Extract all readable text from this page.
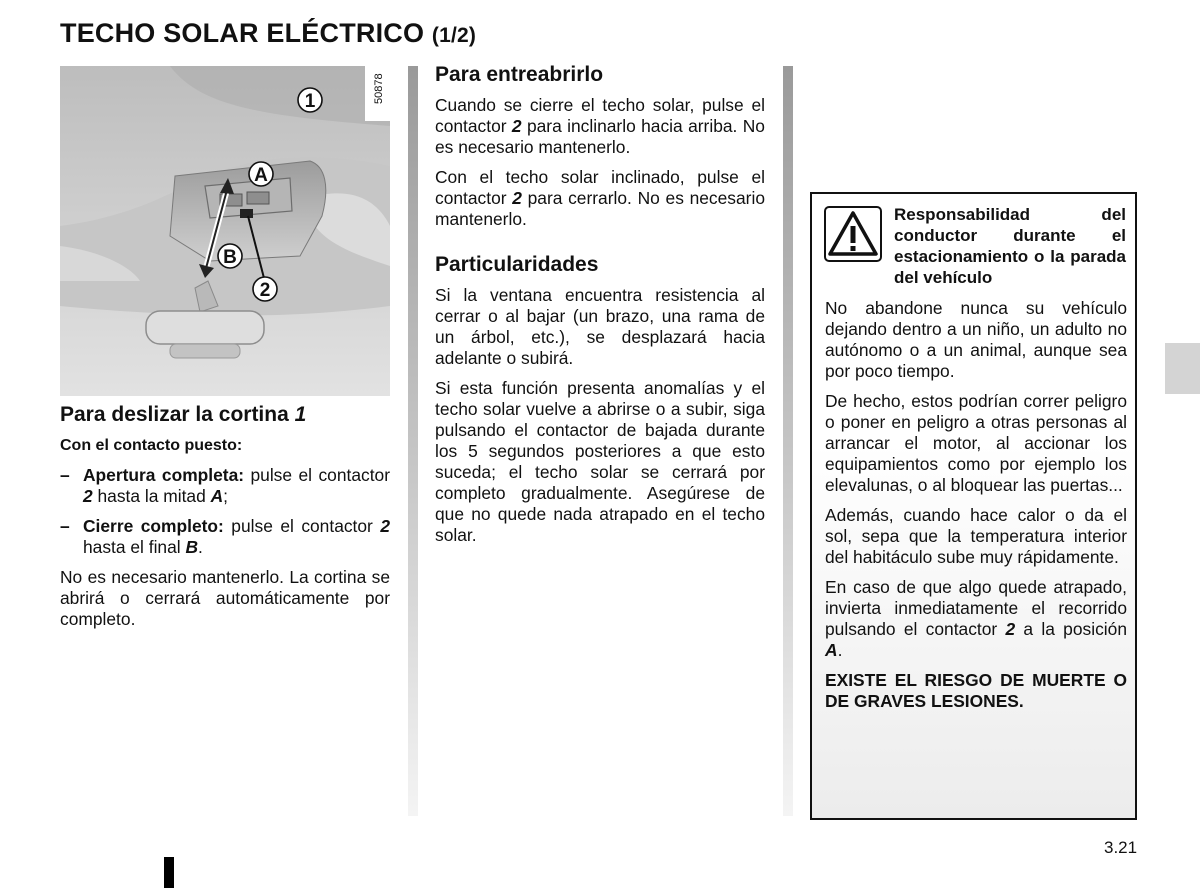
TECHO SOLAR ELÉCTRICO (1/2)
1
A
B
2
50878
Para deslizar la cortina 1

Con el contacto puesto:

– Apertura completa: pulse el contactor 2 hasta la mitad A;
– Cierre completo: pulse el contactor 2 hasta el final B.

No es necesario mantenerlo. La cortina se abrirá o cerrará automáticamente por completo.

Para entreabrirlo

Cuando se cierre el techo solar, pulse el contactor 2 para inclinarlo hacia arriba. No es necesario mantenerlo.

Con el techo solar inclinado, pulse el contactor 2 para cerrarlo. No es necesario mantenerlo.

Particularidades

Si la ventana encuentra resistencia al cerrar o al bajar (un brazo, una rama de un árbol, etc.), se desplazará hacia adelante o subirá.

Si esta función presenta anomalías y el techo solar vuelve a abrirse o a subir, siga pulsando el contactor de bajada durante los 5 segundos posteriores a que esto suceda; el techo solar se cerrará por completo gradualmente. Asegúrese de que no quede nada atrapado en el techo solar.

Responsabilidad del conductor durante el estacionamiento o la parada del vehículo

No abandone nunca su vehículo dejando dentro a un niño, un adulto no autónomo o a un animal, aunque sea por poco tiempo.

De hecho, estos podrían correr peligro o poner en peligro a otras personas al arrancar el motor, al accionar los equipamientos como por ejemplo los elevalunas, o al bloquear las puertas...

Además, cuando hace calor o da el sol, sepa que la temperatura interior del habitáculo sube muy rápidamente.

En caso de que algo quede atrapado, invierta inmediatamente el recorrido pulsando el contactor 2 a la posición A.

EXISTE EL RIESGO DE MUERTE O DE GRAVES LESIONES.

3.21
